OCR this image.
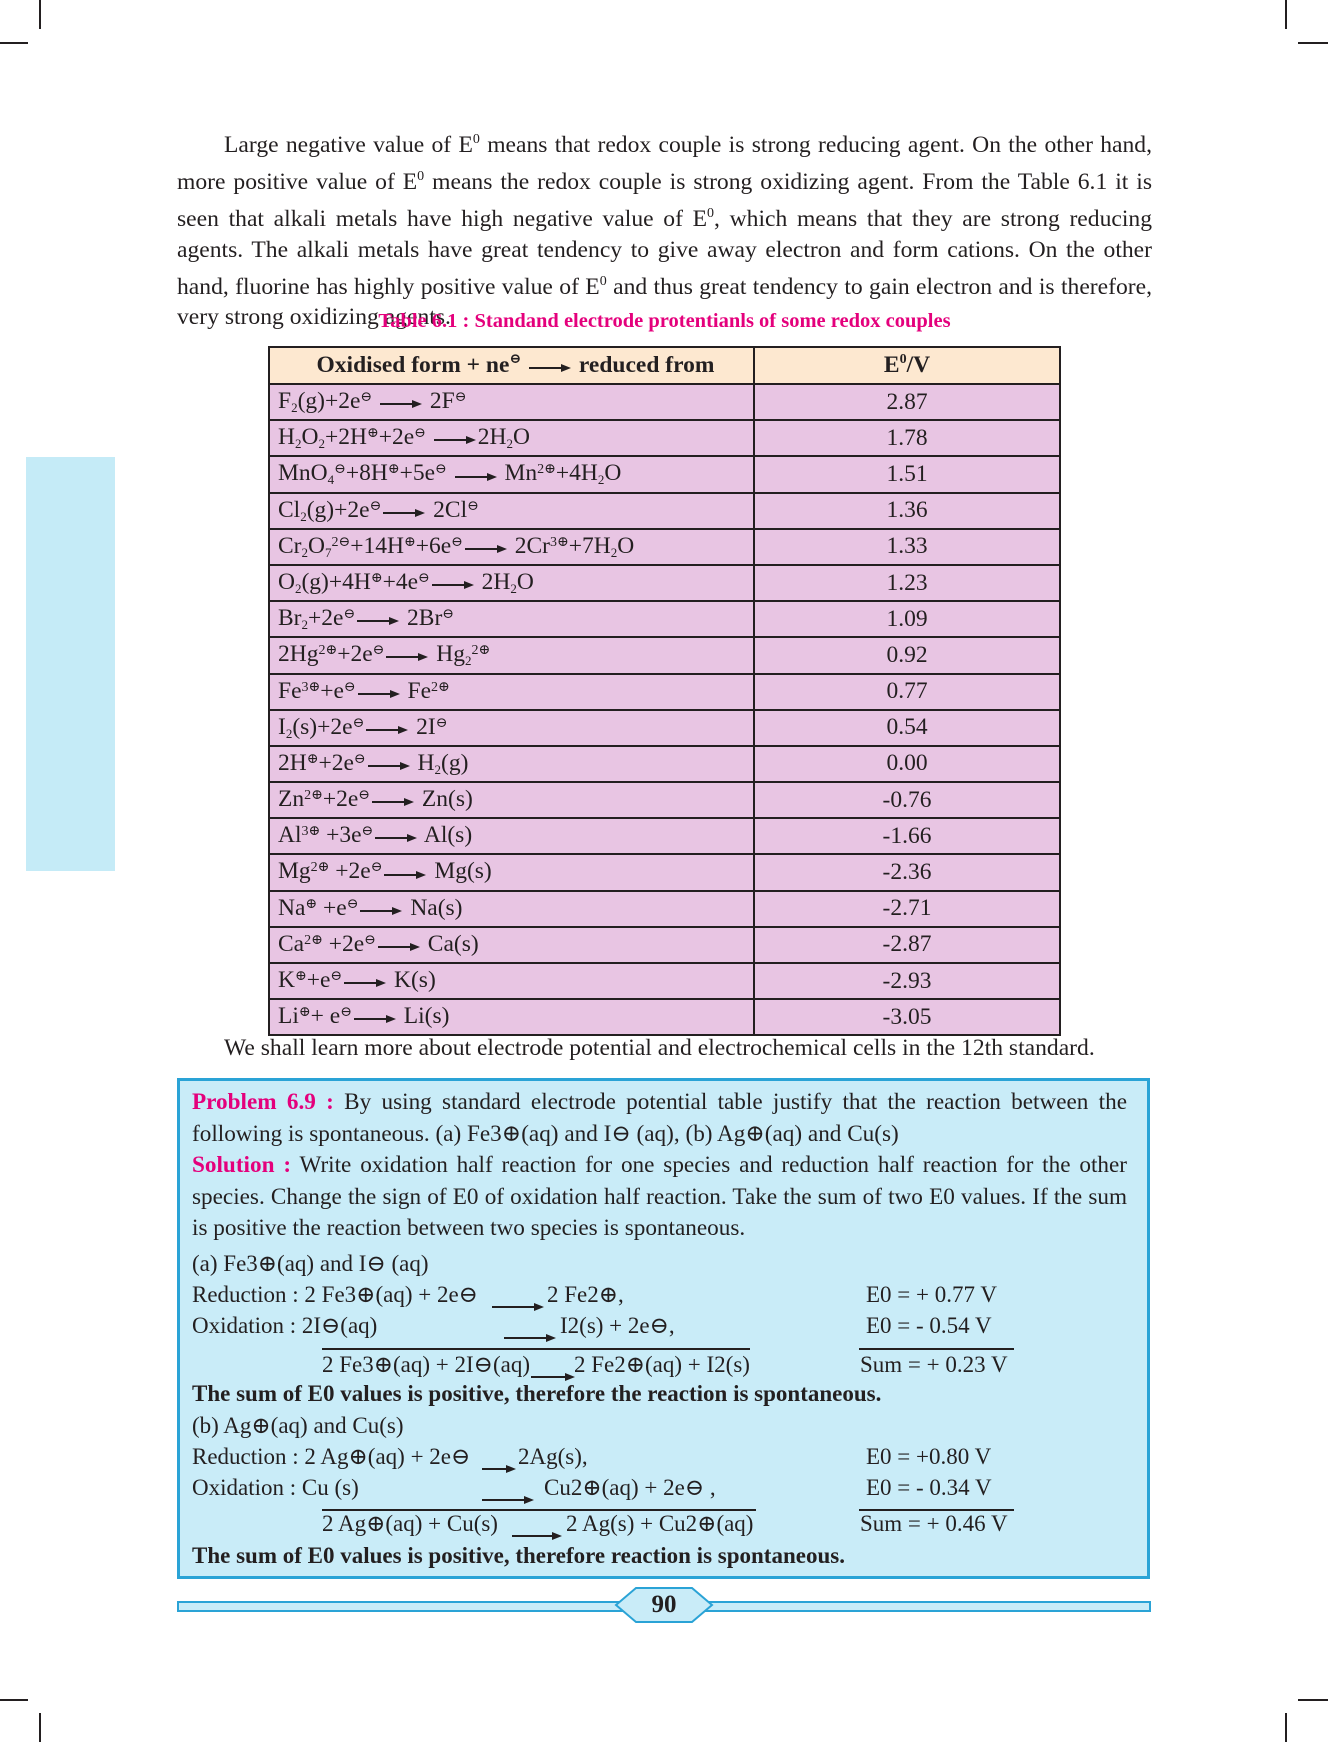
Large negative value of $E^0$ means that redox couple is strong reducing agent. On the other hand, more positive value of $E^0$ means the redox couple is strong oxidizing agent. From the Table 6.1 it is seen that alkali metals have high negative value of $E^0$, which means that they are strong reducing agents. The alkali metals have great tendency to give away electron and form cations. On the other hand, fluorine has highly positive value of $E^0$ and thus great tendency to gain electron and is therefore, very strong oxidizing agents.

Table 6.1 : Standand electrode protentianls of some redox couples
Oxidised form + ne⊖ reduced from	$E^0/V$
$F_2(g)+2e^⊖$  2F⊖	2.87
$H_2O_2+2H^\oplus+2e^⊖$ $2H_2O$	1.78
MnO$_4$⊖+8H⊕+5e⊖  $Mn^{2\oplus}+4H_2O$	1.51
$Cl_2(g)+2e^⊖$ 2Cl⊖	1.36
$Cr_2O_7^{2⊖}+14H^\oplus+6e^⊖$ $2Cr^{3\oplus}+7H_2O$	1.33
$O_2(g)+4H^\oplus+4e^⊖$ $2H_2O$	1.23
$Br_2+2e^⊖$ 2Br⊖	1.09
$2Hg^{2\oplus}+2e^⊖$ $Hg_2^{2\oplus}$	0.92
$Fe^{3\oplus}+e^⊖$ $Fe^{2\oplus}$	0.77
$I_2(s)+2e^⊖$ 2I⊖	0.54
2H⊕+2e⊖ $H_2(g)$	0.00
$Zn^{2\oplus}+2e^⊖$ Zn(s)	-0.76
$Al^{3\oplus} +3e^⊖$ Al(s)	-1.66
$Mg^{2\oplus} +2e^⊖$ Mg(s)	-2.36
Na⊕ +e⊖ Na(s)	-2.71
$Ca^{2\oplus} +2e^⊖$ Ca(s)	-2.87
K⊕+e⊖ K(s)	-2.93
Li⊕+ e⊖ Li(s)	-3.05
We shall learn more about electrode potential and electrochemical cells in the 12th standard.
Problem 6.9 : By using standard electrode potential table justify that the reaction between the following is spontaneous. (a) Fe3⊕(aq) and I⊖ (aq), (b) Ag⊕(aq) and Cu(s)
Solution : Write oxidation half reaction for one species and reduction half reaction for the other species. Change the sign of E0 of oxidation half reaction. Take the sum of two E0 values. If the sum is positive the reaction between two species is spontaneous.
(a) Fe3⊕(aq) and I⊖ (aq)
Reduction : 2 Fe3⊕(aq) + 2e⊖	2 Fe2⊕,	E0 = + 0.77 V
Oxidation : 2I⊖(aq)	I2(s) + 2e⊖,	E0 = - 0.54 V
2 Fe3⊕(aq) + 2I⊖(aq) 2 Fe2⊕(aq) + I2(s)	Sum = + 0.23 V
The sum of E0 values is positive, therefore the reaction is spontaneous.
(b) Ag⊕(aq) and Cu(s)
Reduction : 2 Ag⊕(aq) + 2e⊖ 2Ag(s),	E0 = +0.80 V
Oxidation : Cu (s)	Cu2⊕(aq) + 2e⊖ ,	E0 = - 0.34 V
2 Ag⊕(aq) + Cu(s)	2 Ag(s) + Cu2⊕(aq)	Sum = + 0.46 V
The sum of E0 values is positive, therefore reaction is spontaneous.
90
